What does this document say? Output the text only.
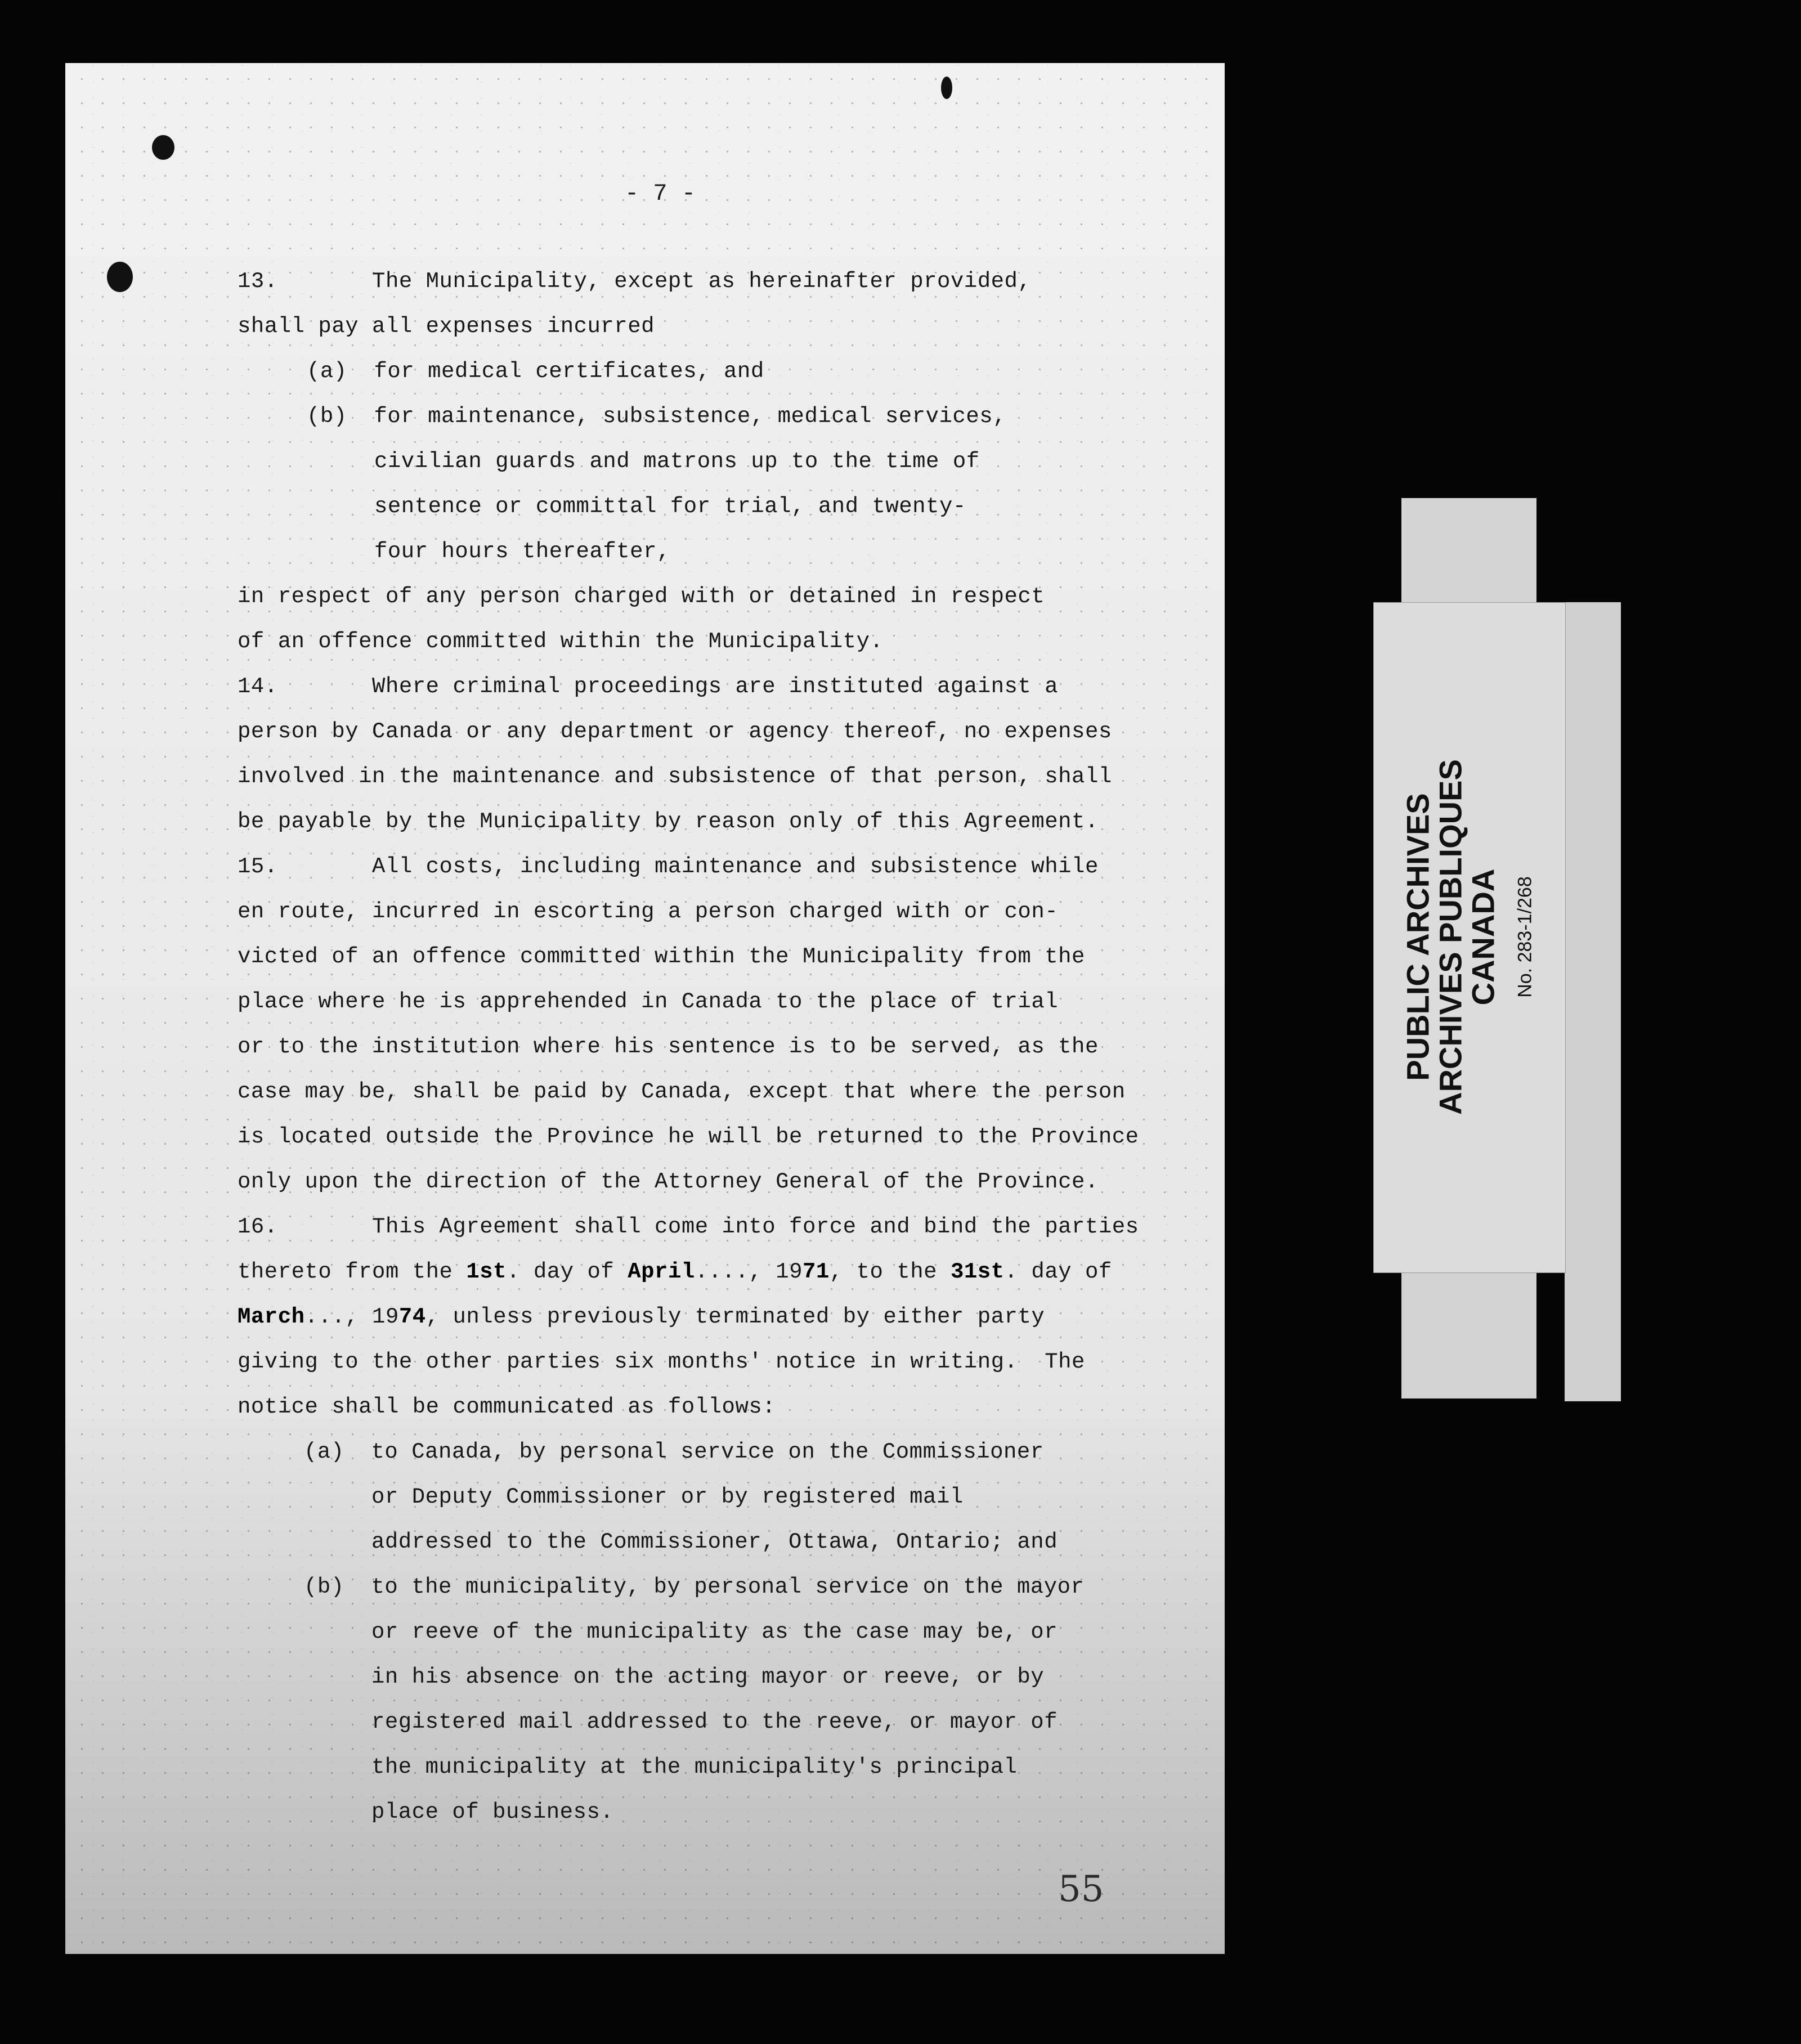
- 7 -
13.       The Municipality, except as hereinafter provided,
shall pay all expenses incurred
(a)  for medical certificates, and
(b)  for maintenance, subsistence, medical services,
civilian guards and matrons up to the time of
sentence or committal for trial, and twenty-
four hours thereafter,
in respect of any person charged with or detained in respect
of an offence committed within the Municipality.
14.       Where criminal proceedings are instituted against a
person by Canada or any department or agency thereof, no expenses
involved in the maintenance and subsistence of that person, shall
be payable by the Municipality by reason only of this Agreement.
15.       All costs, including maintenance and subsistence while
en route, incurred in escorting a person charged with or con-
victed of an offence committed within the Municipality from the
place where he is apprehended in Canada to the place of trial
or to the institution where his sentence is to be served, as the
case may be, shall be paid by Canada, except that where the person
is located outside the Province he will be returned to the Province
only upon the direction of the Attorney General of the Province.
16.       This Agreement shall come into force and bind the parties
thereto from the 1st. day of April...., 1971, to the 31st. day of
March..., 1974, unless previously terminated by either party
giving to the other parties six months' notice in writing.  The
notice shall be communicated as follows:
(a)  to Canada, by personal service on the Commissioner
or Deputy Commissioner or by registered mail
addressed to the Commissioner, Ottawa, Ontario; and
(b)  to the municipality, by personal service on the mayor
or reeve of the municipality as the case may be, or
in his absence on the acting mayor or reeve, or by
registered mail addressed to the reeve, or mayor of
the municipality at the municipality's principal
place of business.
55
PUBLIC ARCHIVES
ARCHIVES PUBLIQUES
CANADA No. 283-1/268
